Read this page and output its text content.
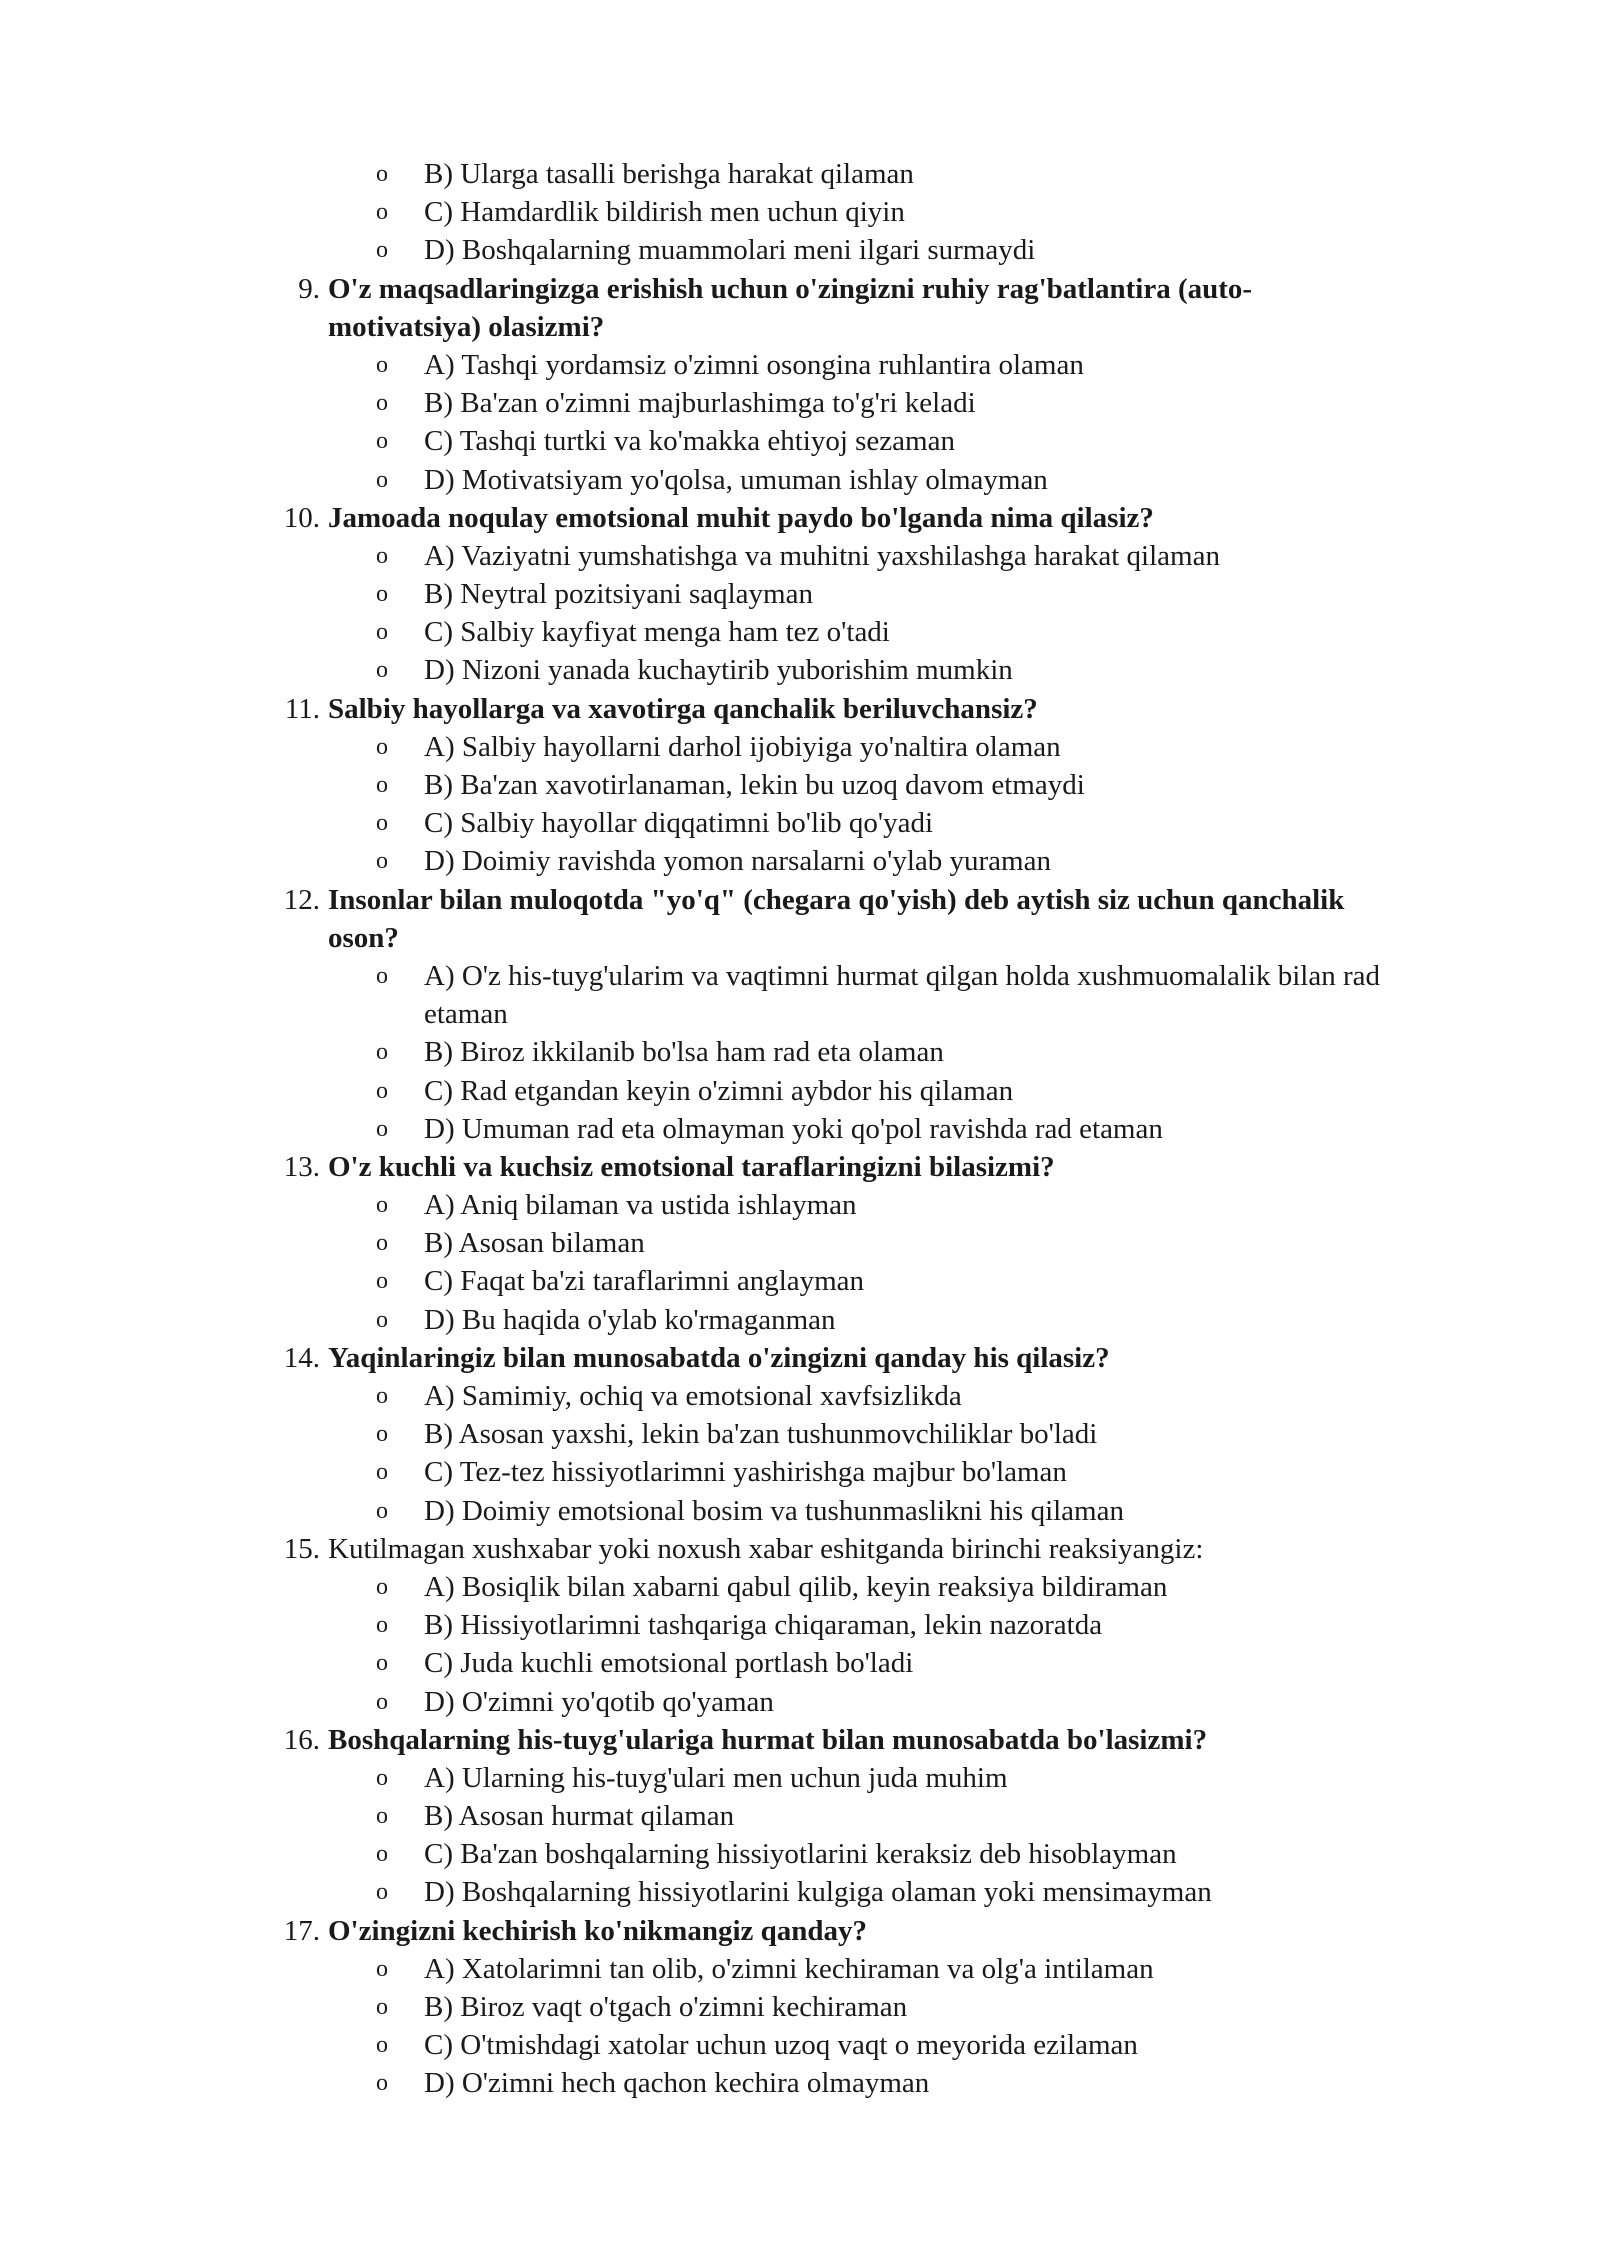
o B) Ularga tasalli berishga harakat qilaman
o C) Hamdardlik bildirish men uchun qiyin
o D) Boshqalarning muammolari meni ilgari surmaydi
9. O'z maqsadlaringizga erishish uchun o'zingizni ruhiy rag'batlantira (auto-
motivatsiya) olasizmi?
o A) Tashqi yordamsiz o'zimni osongina ruhlantira olaman
o B) Ba'zan o'zimni majburlashimga to'g'ri keladi
o C) Tashqi turtki va ko'makka ehtiyoj sezaman
o D) Motivatsiyam yo'qolsa, umuman ishlay olmayman
10. Jamoada noqulay emotsional muhit paydo bo'lganda nima qilasiz?
o A) Vaziyatni yumshatishga va muhitni yaxshilashga harakat qilaman
o B) Neytral pozitsiyani saqlayman
o C) Salbiy kayfiyat menga ham tez o'tadi
o D) Nizoni yanada kuchaytirib yuborishim mumkin
11. Salbiy hayollarga va xavotirga qanchalik beriluvchansiz?
o A) Salbiy hayollarni darhol ijobiyiga yo'naltira olaman
o B) Ba'zan xavotirlanaman, lekin bu uzoq davom etmaydi
o C) Salbiy hayollar diqqatimni bo'lib qo'yadi
o D) Doimiy ravishda yomon narsalarni o'ylab yuraman
12. Insonlar bilan muloqotda "yo'q" (chegara qo'yish) deb aytish siz uchun qanchalik
oson?
o A) O'z his-tuyg'ularim va vaqtimni hurmat qilgan holda xushmuomalalik bilan rad
etaman
o B) Biroz ikkilanib bo'lsa ham rad eta olaman
o C) Rad etgandan keyin o'zimni aybdor his qilaman
o D) Umuman rad eta olmayman yoki qo'pol ravishda rad etaman
13. O'z kuchli va kuchsiz emotsional taraflaringizni bilasizmi?
o A) Aniq bilaman va ustida ishlayman
o B) Asosan bilaman
o C) Faqat ba'zi taraflarimni anglayman
o D) Bu haqida o'ylab ko'rmaganman
14. Yaqinlaringiz bilan munosabatda o'zingizni qanday his qilasiz?
o A) Samimiy, ochiq va emotsional xavfsizlikda
o B) Asosan yaxshi, lekin ba'zan tushunmovchiliklar bo'ladi
o C) Tez-tez hissiyotlarimni yashirishga majbur bo'laman
o D) Doimiy emotsional bosim va tushunmaslikni his qilaman
15. Kutilmagan xushxabar yoki noxush xabar eshitganda birinchi reaksiyangiz:
o A) Bosiqlik bilan xabarni qabul qilib, keyin reaksiya bildiraman
o B) Hissiyotlarimni tashqariga chiqaraman, lekin nazoratda
o C) Juda kuchli emotsional portlash bo'ladi
o D) O'zimni yo'qotib qo'yaman
16. Boshqalarning his-tuyg'ulariga hurmat bilan munosabatda bo'lasizmi?
o A) Ularning his-tuyg'ulari men uchun juda muhim
o B) Asosan hurmat qilaman
o C) Ba'zan boshqalarning hissiyotlarini keraksiz deb hisoblayman
o D) Boshqalarning hissiyotlarini kulgiga olaman yoki mensimayman
17. O'zingizni kechirish ko'nikmangiz qanday?
o A) Xatolarimni tan olib, o'zimni kechiraman va olg'a intilaman
o B) Biroz vaqt o'tgach o'zimni kechiraman
o C) O'tmishdagi xatolar uchun uzoq vaqt o meyorida ezilaman
o D) O'zimni hech qachon kechira olmayman
